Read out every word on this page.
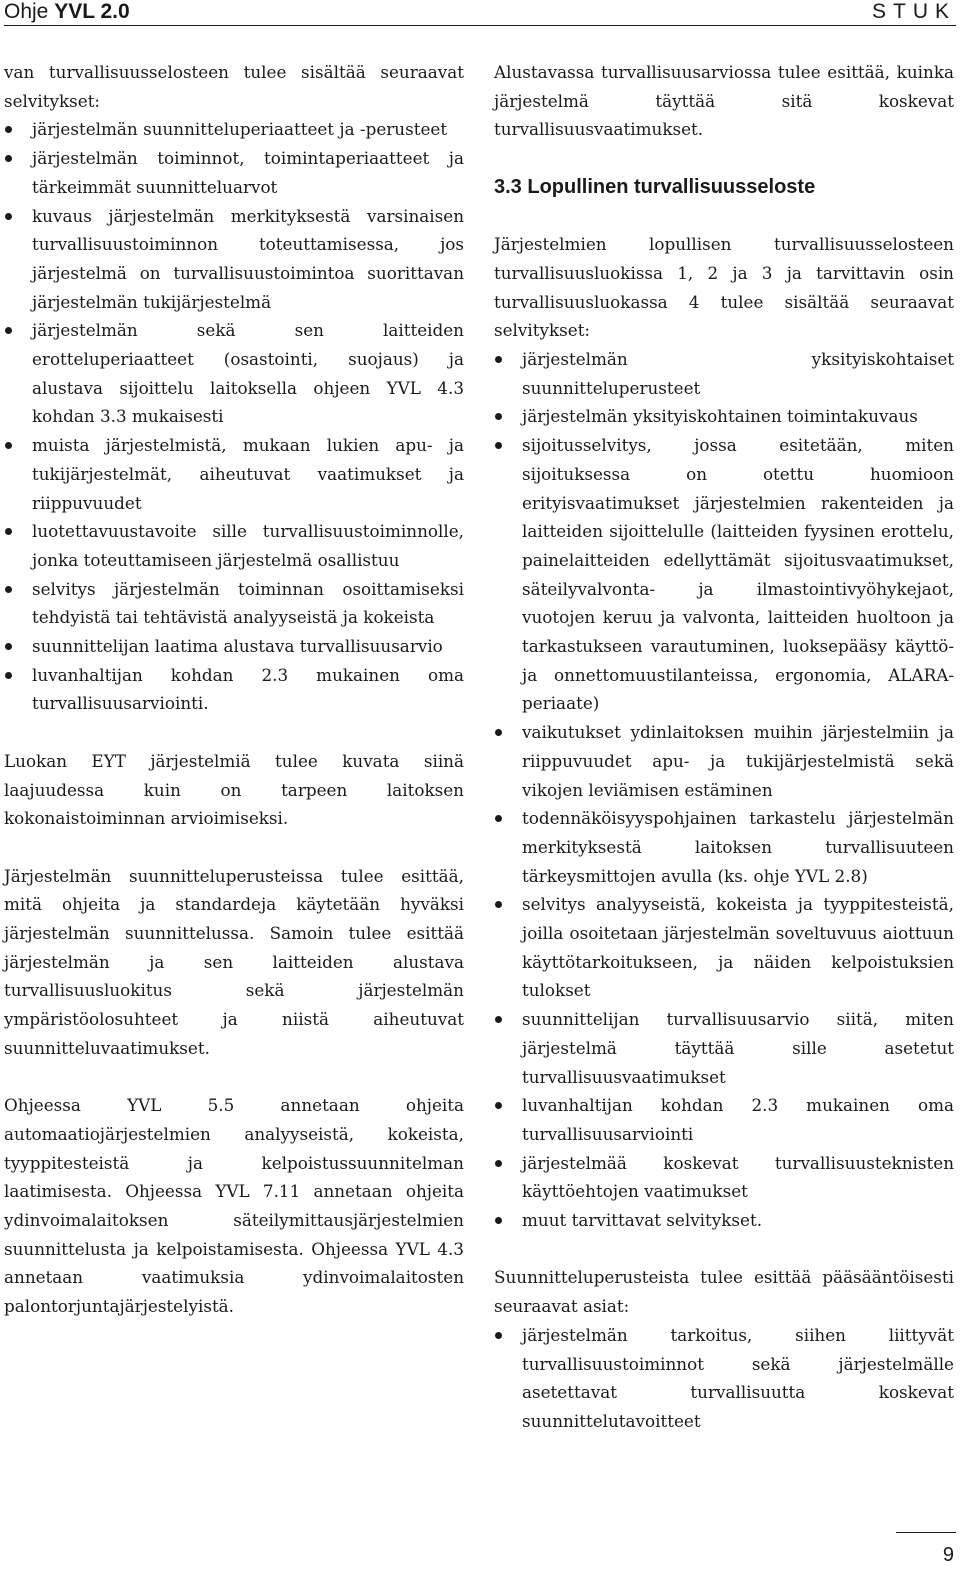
Ohje YVL 2.0	STUK

van turvallisuusselosteen tulee sisältää seuraavat selvitykset:

järjestelmän suunnitteluperiaatteet ja -perusteet
järjestelmän toiminnot, toimintaperiaatteet ja tärkeimmät suunnitteluarvot
kuvaus järjestelmän merkityksestä varsinaisen turvallisuustoiminnon toteuttamisessa, jos järjestelmä on turvallisuustoimintoa suorittavan järjestelmän tukijärjestelmä
järjestelmän sekä sen laitteiden erotteluperiaatteet (osastointi, suojaus) ja alustava sijoittelu laitoksella ohjeen YVL 4.3 kohdan 3.3 mukaisesti
muista järjestelmistä, mukaan lukien apu- ja tukijärjestelmät, aiheutuvat vaatimukset ja riippuvuudet
luotettavuustavoite sille turvallisuustoiminnolle, jonka toteuttamiseen järjestelmä osallistuu
selvitys järjestelmän toiminnan osoittamiseksi tehdyistä tai tehtävistä analyyseistä ja kokeista
suunnittelijan laatima alustava turvallisuusarvio
luvanhaltijan kohdan 2.3 mukainen oma turvallisuusarviointi.

Luokan EYT järjestelmiä tulee kuvata siinä laajuudessa kuin on tarpeen laitoksen kokonaistoiminnan arvioimiseksi.

Järjestelmän suunnitteluperusteissa tulee esittää, mitä ohjeita ja standardeja käytetään hyväksi järjestelmän suunnittelussa. Samoin tulee esittää järjestelmän ja sen laitteiden alustava turvallisuusluokitus sekä järjestelmän ympäristöolosuhteet ja niistä aiheutuvat suunnitteluvaatimukset.

Ohjeessa YVL 5.5 annetaan ohjeita automaatiojärjestelmien analyyseistä, kokeista, tyyppitesteistä ja kelpoistussuunnitelman laatimisesta. Ohjeessa YVL 7.11 annetaan ohjeita ydinvoimalaitoksen säteilymittausjärjestelmien suunnittelusta ja kelpoistamisesta. Ohjeessa YVL 4.3 annetaan vaatimuksia ydinvoimalaitosten palontorjuntajärjestelyistä.

Alustavassa turvallisuusarviossa tulee esittää, kuinka järjestelmä täyttää sitä koskevat turvallisuusvaatimukset.

3.3 Lopullinen turvallisuusseloste

Järjestelmien lopullisen turvallisuusselosteen turvallisuusluokissa 1, 2 ja 3 ja tarvittavin osin turvallisuusluokassa 4 tulee sisältää seuraavat selvitykset:

järjestelmän yksityiskohtaiset suunnitteluperusteet
järjestelmän yksityiskohtainen toimintakuvaus
sijoitusselvitys, jossa esitetään, miten sijoituksessa on otettu huomioon erityisvaatimukset järjestelmien rakenteiden ja laitteiden sijoittelulle (laitteiden fyysinen erottelu, painelaitteiden edellyttämät sijoitusvaatimukset, säteilyvalvonta- ja ilmastointivyöhykejaot, vuotojen keruu ja valvonta, laitteiden huoltoon ja tarkastukseen varautuminen, luoksepääsy käyttö- ja onnettomuustilanteissa, ergonomia, ALARA-periaate)
vaikutukset ydinlaitoksen muihin järjestelmiin ja riippuvuudet apu- ja tukijärjestelmistä sekä vikojen leviämisen estäminen
todennäköisyyspohjainen tarkastelu järjestelmän merkityksestä laitoksen turvallisuuteen tärkeysmittojen avulla (ks. ohje YVL 2.8)
selvitys analyyseistä, kokeista ja tyyppitesteistä, joilla osoitetaan järjestelmän soveltuvuus aiottuun käyttötarkoitukseen, ja näiden kelpoistuksien tulokset
suunnittelijan turvallisuusarvio siitä, miten järjestelmä täyttää sille asetetut turvallisuusvaatimukset
luvanhaltijan kohdan 2.3 mukainen oma turvallisuusarviointi
järjestelmää koskevat turvallisuusteknisten käyttöehtojen vaatimukset
muut tarvittavat selvitykset.

Suunnitteluperusteista tulee esittää pääsääntöisesti seuraavat asiat:

järjestelmän tarkoitus, siihen liittyvät turvallisuustoiminnot sekä järjestelmälle asetettavat turvallisuutta koskevat suunnittelutavoitteet
9
